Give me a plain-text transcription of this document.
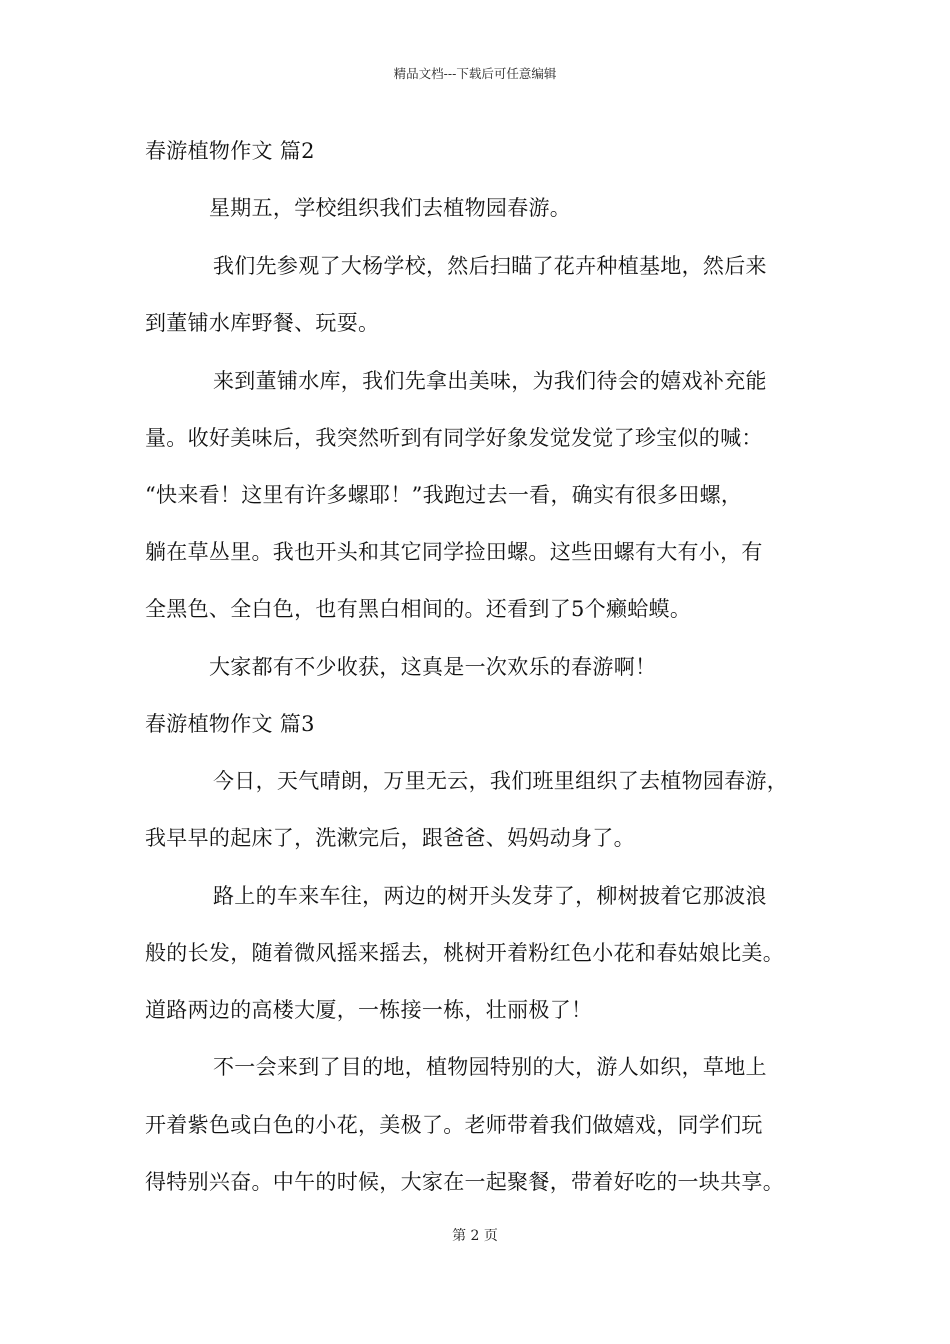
精品文档---下载后可任意编辑
春游植物作文 篇2
星期五，学校组织我们去植物园春游。
我们先参观了大杨学校，然后扫瞄了花卉种植基地，然后来
到董铺水库野餐、玩耍。
来到董铺水库，我们先拿出美味，为我们待会的嬉戏补充能
量。收好美味后，我突然听到有同学好象发觉发觉了珍宝似的喊：
“快来看！这里有许多螺耶！”我跑过去一看，确实有很多田螺，
躺在草丛里。我也开头和其它同学捡田螺。这些田螺有大有小，有
全黑色、全白色，也有黑白相间的。还看到了5个癞蛤蟆。
大家都有不少收获，这真是一次欢乐的春游啊！
春游植物作文 篇3
今日，天气晴朗，万里无云，我们班里组织了去植物园春游，
我早早的起床了，洗漱完后，跟爸爸、妈妈动身了。
路上的车来车往，两边的树开头发芽了，柳树披着它那波浪
般的长发，随着微风摇来摇去，桃树开着粉红色小花和春姑娘比美。
道路两边的高楼大厦，一栋接一栋，壮丽极了！
不一会来到了目的地，植物园特别的大，游人如织，草地上
开着紫色或白色的小花，美极了。老师带着我们做嬉戏，同学们玩
得特别兴奋。中午的时候，大家在一起聚餐，带着好吃的一块共享。
第 2 页
